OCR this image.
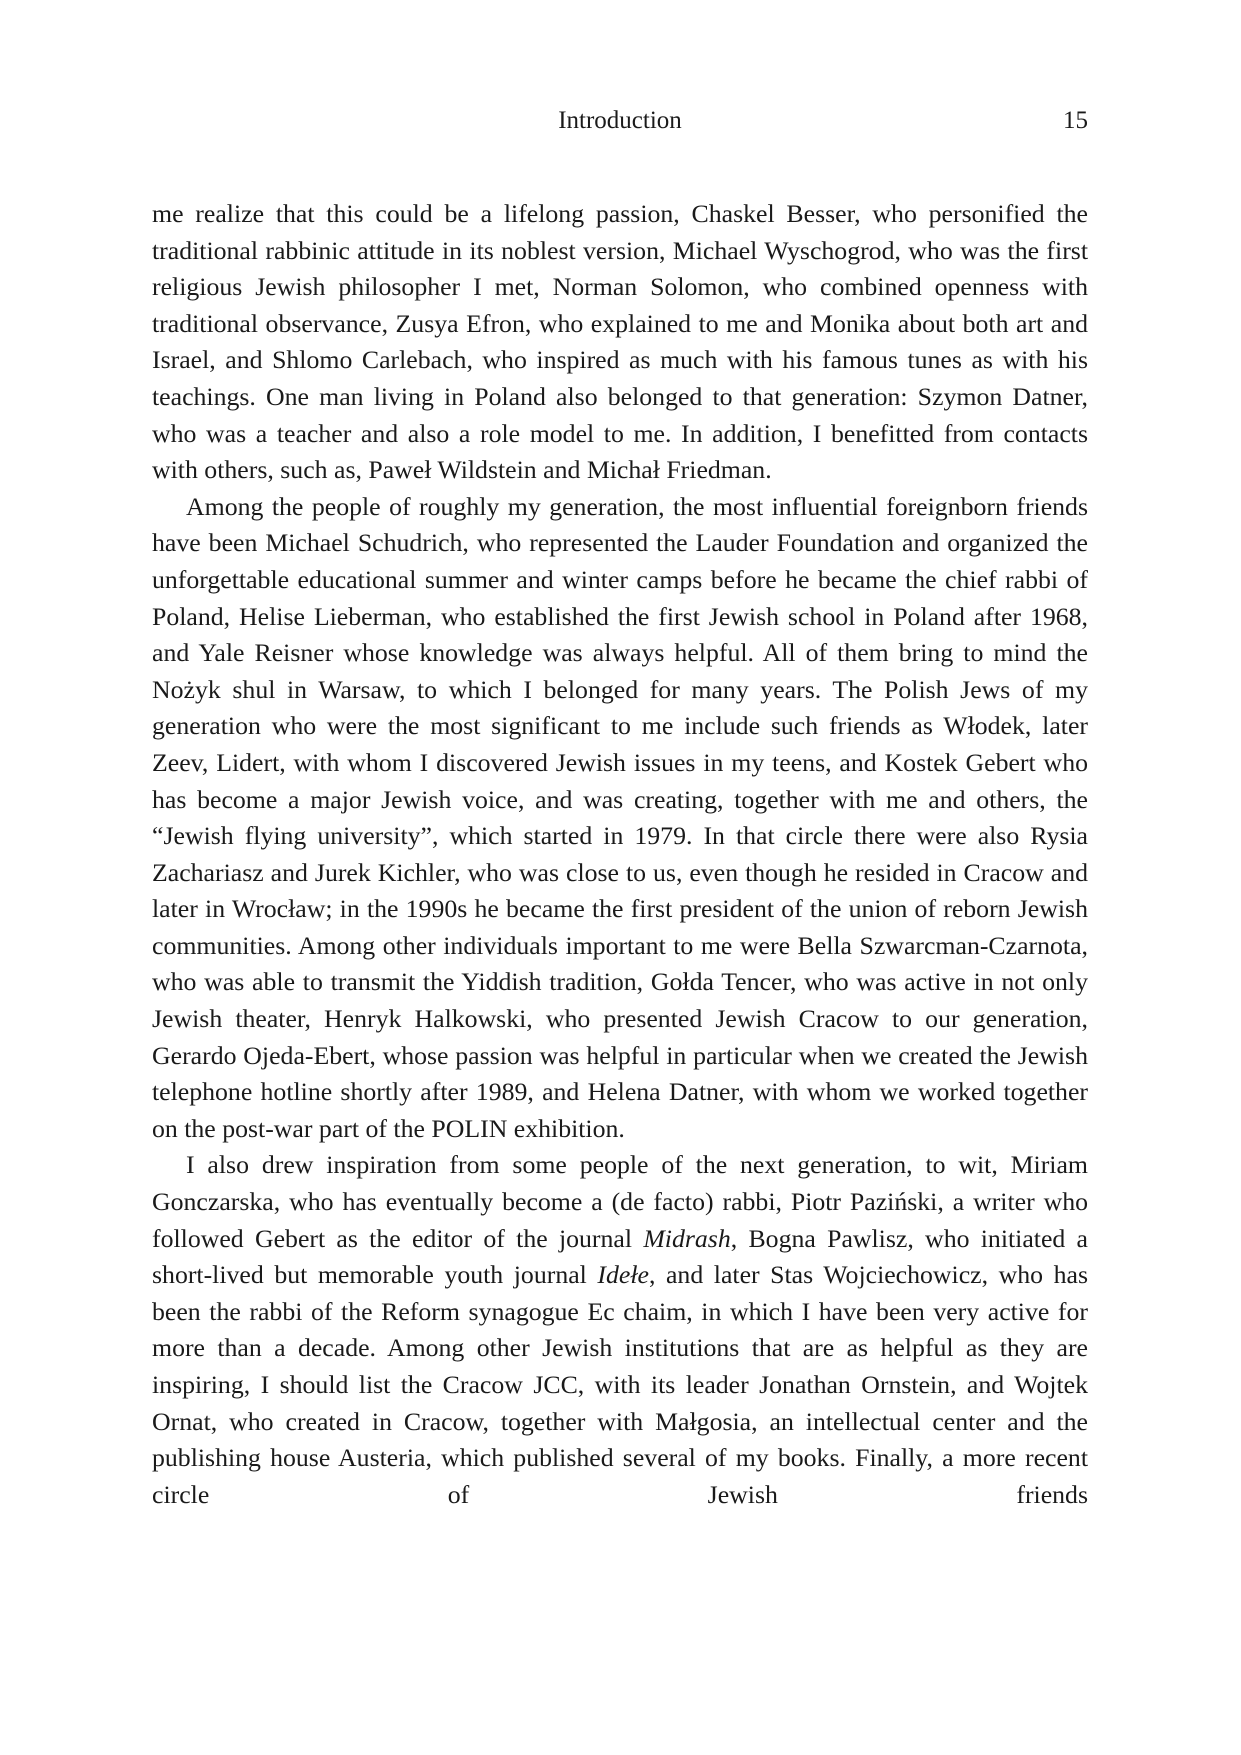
Introduction	15

me realize that this could be a lifelong passion, Chaskel Besser, who personified the traditional rabbinic attitude in its noblest version, Michael Wyschogrod, who was the first religious Jewish philosopher I met, Norman Solomon, who combined openness with traditional observance, Zusya Efron, who explained to me and Monika about both art and Israel, and Shlomo Carlebach, who inspired as much with his famous tunes as with his teachings. One man living in Poland also belonged to that generation: Szymon Datner, who was a teacher and also a role model to me. In addition, I benefitted from contacts with others, such as, Paweł Wildstein and Michał Friedman.

Among the people of roughly my generation, the most influential foreignborn friends have been Michael Schudrich, who represented the Lauder Foundation and organized the unforgettable educational summer and winter camps before he became the chief rabbi of Poland, Helise Lieberman, who established the first Jewish school in Poland after 1968, and Yale Reisner whose knowledge was always helpful. All of them bring to mind the Nożyk shul in Warsaw, to which I belonged for many years. The Polish Jews of my generation who were the most significant to me include such friends as Włodek, later Zeev, Lidert, with whom I discovered Jewish issues in my teens, and Kostek Gebert who has become a major Jewish voice, and was creating, together with me and others, the “Jewish flying university”, which started in 1979. In that circle there were also Rysia Zachariasz and Jurek Kichler, who was close to us, even though he resided in Cracow and later in Wrocław; in the 1990s he became the first president of the union of reborn Jewish communities. Among other individuals important to me were Bella Szwarcman-Czarnota, who was able to transmit the Yiddish tradition, Gołda Tencer, who was active in not only Jewish theater, Henryk Halkowski, who presented Jewish Cracow to our generation, Gerardo Ojeda-Ebert, whose passion was helpful in particular when we created the Jewish telephone hotline shortly after 1989, and Helena Datner, with whom we worked together on the post-war part of the POLIN exhibition.

I also drew inspiration from some people of the next generation, to wit, Miriam Gonczarska, who has eventually become a (de facto) rabbi, Piotr Paziński, a writer who followed Gebert as the editor of the journal Midrash, Bogna Pawlisz, who initiated a short-lived but memorable youth journal Idełe, and later Stas Wojciechowicz, who has been the rabbi of the Reform synagogue Ec chaim, in which I have been very active for more than a decade. Among other Jewish institutions that are as helpful as they are inspiring, I should list the Cracow JCC, with its leader Jonathan Ornstein, and Wojtek Ornat, who created in Cracow, together with Małgosia, an intellectual center and the publishing house Austeria, which published several of my books. Finally, a more recent circle of Jewish friends
